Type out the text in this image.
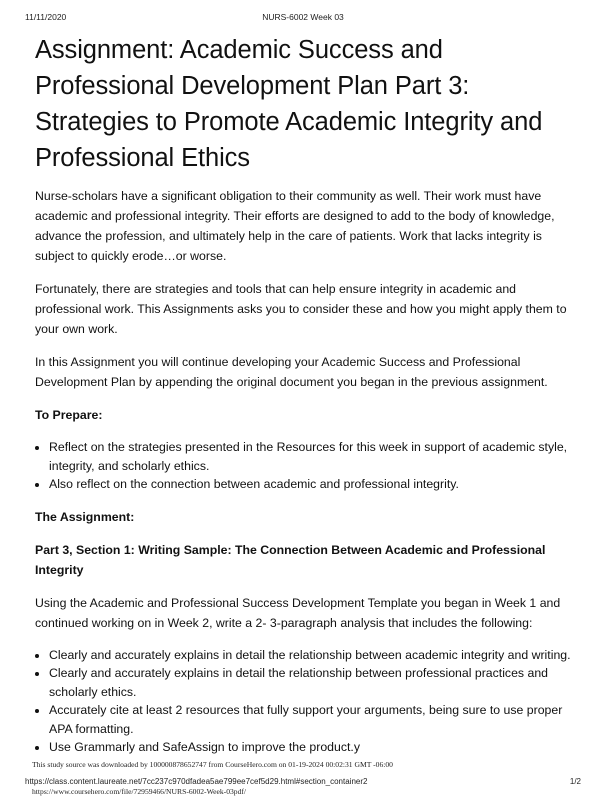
11/11/2020	NURS-6002 Week 03
Assignment: Academic Success and Professional Development Plan Part 3: Strategies to Promote Academic Integrity and Professional Ethics

Nurse-scholars have a significant obligation to their community as well. Their work must have academic and professional integrity. Their efforts are designed to add to the body of knowledge, advance the profession, and ultimately help in the care of patients. Work that lacks integrity is subject to quickly erode…or worse.

Fortunately, there are strategies and tools that can help ensure integrity in academic and professional work. This Assignments asks you to consider these and how you might apply them to your own work.

In this Assignment you will continue developing your Academic Success and Professional Development Plan by appending the original document you began in the previous assignment.

To Prepare:

• Reflect on the strategies presented in the Resources for this week in support of academic style, integrity, and scholarly ethics.
• Also reflect on the connection between academic and professional integrity.

The Assignment:

Part 3, Section 1: Writing Sample: The Connection Between Academic and Professional Integrity

Using the Academic and Professional Success Development Template you began in Week 1 and continued working on in Week 2, write a 2- 3-paragraph analysis that includes the following:

• Clearly and accurately explains in detail the relationship between academic integrity and writing.
• Clearly and accurately explains in detail the relationship between professional practices and scholarly ethics.
• Accurately cite at least 2 resources that fully support your arguments, being sure to use proper APA formatting.
• Use Grammarly and SafeAssign to improve the product.y
This study source was downloaded by 100000878652747 from CourseHero.com on 01-19-2024 00:02:31 GMT -06:00
https://class.content.laureate.net/7cc237c970dfadea5ae799ee7cef5d29.html#section_container2	1/2
https://www.coursehero.com/file/72959466/NURS-6002-Week-03pdf/
